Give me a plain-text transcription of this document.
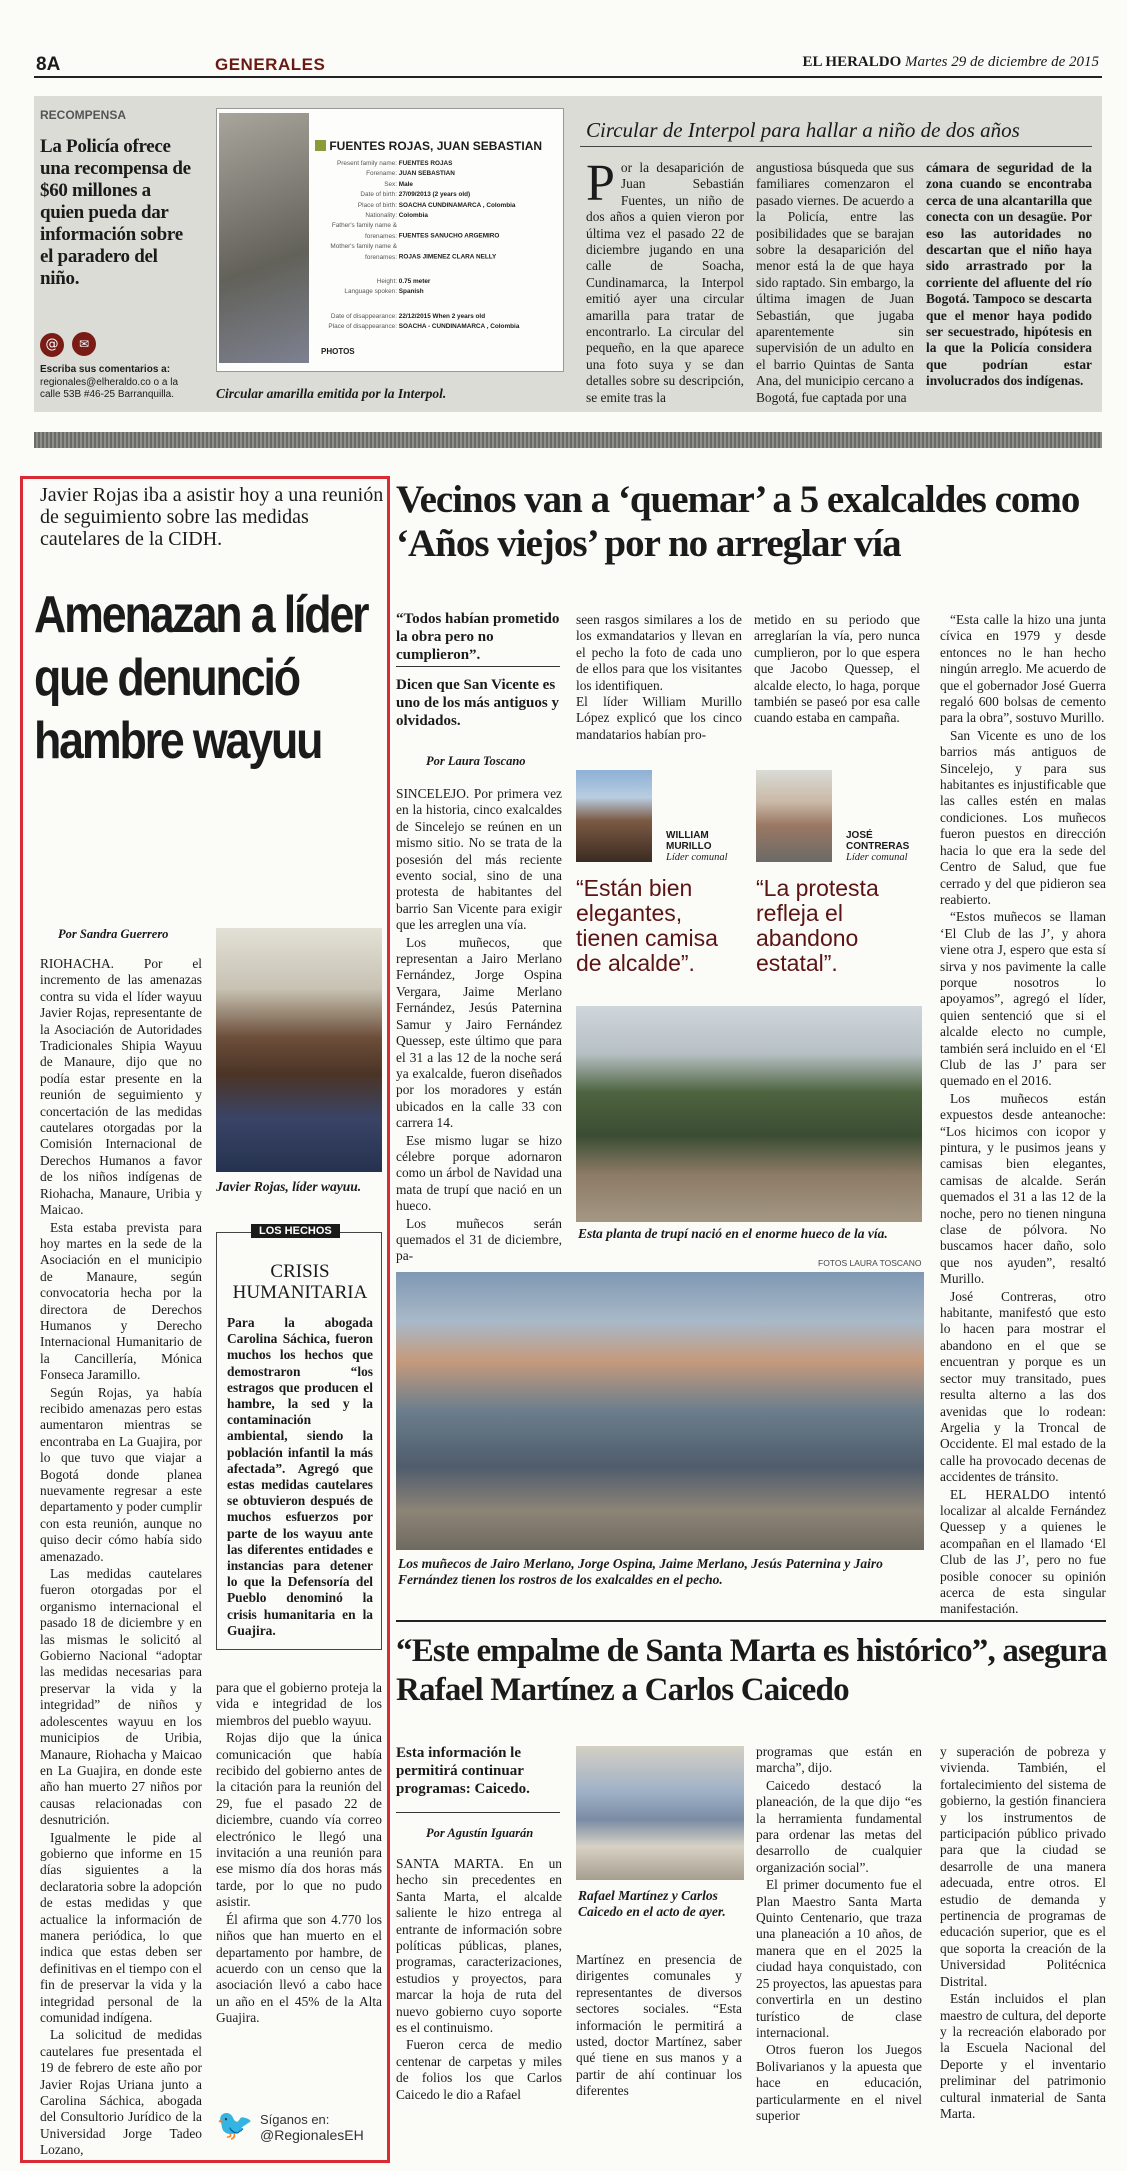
8A	GENERALES	EL HERALDO Martes 29 de diciembre de 2015
RECOMPENSA
La Policía ofrece una recompensa de $60 millones a quien pueda dar información sobre el paradero del niño.
@ ✉
Escriba sus comentarios a: regionales@elheraldo.co o a la calle 53B #46-25 Barranquilla.
FUENTES ROJAS, JUAN SEBASTIAN
Present family name: FUENTES ROJAS
Forename: JUAN SEBASTIAN
Sex: Male
Date of birth: 27/09/2013 (2 years old)
Place of birth: SOACHA CUNDINAMARCA , Colombia
Nationality: Colombia
Father's family name & forenames: FUENTES SANUCHO ARGEMIRO
Mother's family name & forenames: ROJAS JIMENEZ CLARA NELLY
Height: 0.75 meter
Language spoken: Spanish
Date of disappearance: 22/12/2015 When 2 years old
Place of disappearance: SOACHA - CUNDINAMARCA , Colombia
PHOTOS
Circular amarilla emitida por la Interpol.
Circular de Interpol para hallar a niño de dos años
Por la desaparición de Juan Sebastián Fuentes, un niño de dos años a quien vieron por última vez el pasado 22 de diciembre jugando en una calle de Soacha, Cundinamarca, la Interpol emitió ayer una circular amarilla para tratar de encontrarlo. La circular del pequeño, en la que aparece una foto suya y se dan detalles sobre su descripción, se emite tras la
angustiosa búsqueda que sus familiares comenzaron el pasado viernes. De acuerdo a la Policía, entre las posibilidades que se barajan sobre la desaparición del menor está la de que haya sido raptado. Sin embargo, la última imagen de Juan Sebastián, que jugaba aparentemente sin supervisión de un adulto en el barrio Quintas de Santa Ana, del municipio cercano a Bogotá, fue captada por una
cámara de seguridad de la zona cuando se encontraba cerca de una alcantarilla que conecta con un desagüe. Por eso las autoridades no descartan que el niño haya sido arrastrado por la corriente del afluente del río Bogotá. Tampoco se descarta que el menor haya podido ser secuestrado, hipótesis en la que la Policía considera que podrían estar involucrados dos indígenas.
Javier Rojas iba a asistir hoy a una reunión de seguimiento sobre las medidas cautelares de la CIDH.
Amenazan a líder que denunció hambre wayuu
Por Sandra Guerrero
Javier Rojas, líder wayuu.

RIOHACHA. Por el incremento de las amenazas contra su vida el líder wayuu Javier Rojas, representante de la Asociación de Autoridades Tradicionales Shipia Wayuu de Manaure, dijo que no podía estar presente en la reunión de seguimiento y concertación de las medidas cautelares otorgadas por la Comisión Internacional de Derechos Humanos a favor de los niños indígenas de Riohacha, Manaure, Uribia y Maicao.

Esta estaba prevista para hoy martes en la sede de la Asociación en el municipio de Manaure, según convocatoria hecha por la directora de Derechos Humanos y Derecho Internacional Humanitario de la Cancillería, Mónica Fonseca Jaramillo.

Según Rojas, ya había recibido amenazas pero estas aumentaron mientras se encontraba en La Guajira, por lo que tuvo que viajar a Bogotá donde planea nuevamente regresar a este departamento y poder cumplir con esta reunión, aunque no quiso decir cómo había sido amenazado.

Las medidas cautelares fueron otorgadas por el organismo internacional el pasado 18 de diciembre y en las mismas le solicitó al Gobierno Nacional “adoptar las medidas necesarias para preservar la vida y la integridad” de niños y adolescentes wayuu en los municipios de Uribia, Manaure, Riohacha y Maicao en La Guajira, en donde este año han muerto 27 niños por causas relacionadas con desnutrición.

Igualmente le pide al gobierno que informe en 15 días siguientes a la declaratoria sobre la adopción de estas medidas y que actualice la información de manera periódica, lo que indica que estas deben ser definitivas en el tiempo con el fin de preservar la vida y la integridad personal de la comunidad indígena.

La solicitud de medidas cautelares fue presentada el 19 de febrero de este año por Javier Rojas Uriana junto a Carolina Sáchica, abogada del Consultorio Jurídico de la Universidad Jorge Tadeo Lozano,

LOS HECHOS
CRISIS HUMANITARIA
Para la abogada Carolina Sáchica, fueron muchos los hechos que demostraron “los estragos que producen el hambre, la sed y la contaminación ambiental, siendo la población infantil la más afectada”. Agregó que estas medidas cautelares se obtuvieron después de muchos esfuerzos por parte de los wayuu ante las diferentes entidades e instancias para detener lo que la Defensoría del Pueblo denominó la crisis humanitaria en la Guajira.

para que el gobierno proteja la vida e integridad de los miembros del pueblo wayuu.

Rojas dijo que la única comunicación que había recibido del gobierno antes de la citación para la reunión del 29, fue el pasado 22 de diciembre, cuando vía correo electrónico le llegó una invitación a una reunión para ese mismo día dos horas más tarde, por lo que no pudo asistir.

Él afirma que son 4.770 los niños que han muerto en el departamento por hambre, de acuerdo con un censo que la asociación llevó a cabo hace un año en el 45% de la Alta Guajira.

🐦 Síganos en:
@RegionalesEH
Vecinos van a ‘quemar’ a 5 exalcaldes como ‘Años viejos’ por no arreglar vía
“Todos habían prometido la obra pero no cumplieron”.
Dicen que San Vicente es uno de los más antiguos y olvidados.
Por Laura Toscano

SINCELEJO. Por primera vez en la historia, cinco exalcaldes de Sincelejo se reúnen en un mismo sitio. No se trata de la posesión del más reciente evento social, sino de una protesta de habitantes del barrio San Vicente para exigir que les arreglen una vía.

Los muñecos, que representan a Jairo Merlano Fernández, Jorge Ospina Vergara, Jaime Merlano Fernández, Jesús Paternina Samur y Jairo Fernández Quessep, este último que para el 31 a las 12 de la noche será ya exalcalde, fueron diseñados por los moradores y están ubicados en la calle 33 con carrera 14.

Ese mismo lugar se hizo célebre porque adornaron como un árbol de Navidad una mata de trupí que nació en un hueco.

Los muñecos serán quemados el 31 de diciembre, pa-

seen rasgos similares a los de los exmandatarios y llevan en el pecho la foto de cada uno de ellos para que los visitantes los identifiquen.
El líder William Murillo López explicó que los cinco mandatarios habían pro-
metido en su periodo que arreglarían la vía, pero nunca cumplieron, por lo que espera que Jacobo Quessep, el alcalde electo, lo haga, porque también se paseó por esa calle cuando estaba en campaña.
WILLIAM MURILLO
Líder comunal
“Están bien elegantes, tienen camisa de alcalde”.
JOSÉ CONTRERAS
Líder comunal
“La protesta refleja el abandono estatal”.
Esta planta de trupí nació en el enorme hueco de la vía.
FOTOS LAURA TOSCANO
Los muñecos de Jairo Merlano, Jorge Ospina, Jaime Merlano, Jesús Paternina y Jairo Fernández tienen los rostros de los exalcaldes en el pecho.

“Esta calle la hizo una junta cívica en 1979 y desde entonces no le han hecho ningún arreglo. Me acuerdo de que el gobernador José Guerra regaló 600 bolsas de cemento para la obra”, sostuvo Murillo.

San Vicente es uno de los barrios más antiguos de Sincelejo, y para sus habitantes es injustificable que las calles estén en malas condiciones. Los muñecos fueron puestos en dirección hacia lo que era la sede del Centro de Salud, que fue cerrado y del que pidieron sea reabierto.

“Estos muñecos se llaman ‘El Club de las J’, y ahora viene otra J, espero que esta sí sirva y nos pavimente la calle porque nosotros lo apoyamos”, agregó el líder, quien sentenció que si el alcalde electo no cumple, también será incluido en el ‘El Club de las J’ para ser quemado en el 2016.

Los muñecos están expuestos desde anteanoche: “Los hicimos con icopor y pintura, y le pusimos jeans y camisas bien elegantes, camisas de alcalde. Serán quemados el 31 a las 12 de la noche, pero no tienen ninguna clase de pólvora. No buscamos hacer daño, solo que nos ayuden”, resaltó Murillo.

José Contreras, otro habitante, manifestó que esto lo hacen para mostrar el abandono en el que se encuentran y porque es un sector muy transitado, pues resulta alterno a las dos avenidas que lo rodean: Argelia y la Troncal de Occidente. El mal estado de la calle ha provocado decenas de accidentes de tránsito.

EL HERALDO intentó localizar al alcalde Fernández Quessep y a quienes le acompañan en el llamado ‘El Club de las J’, pero no fue posible conocer su opinión acerca de esta singular manifestación.

“Este empalme de Santa Marta es histórico”, asegura Rafael Martínez a Carlos Caicedo
Esta información le permitirá continuar programas: Caicedo.
Por Agustín Iguarán

SANTA MARTA. En un hecho sin precedentes en Santa Marta, el alcalde saliente le hizo entrega al entrante de información sobre políticas públicas, planes, programas, caracterizaciones, estudios y proyectos, para marcar la hoja de ruta del nuevo gobierno cuyo soporte es el continuismo.

Fueron cerca de medio centenar de carpetas y miles de folios los que Carlos Caicedo le dio a Rafael

Rafael Martínez y Carlos Caicedo en el acto de ayer.
Martínez en presencia de dirigentes comunales y representantes de diversos sectores sociales. “Esta información le permitirá a usted, doctor Martínez, saber qué tiene en sus manos y a partir de ahí continuar los diferentes

programas que están en marcha”, dijo.

Caicedo destacó la planeación, de la que dijo “es la herramienta fundamental para ordenar las metas del desarrollo de cualquier organización social”.

El primer documento fue el Plan Maestro Santa Marta Quinto Centenario, que traza una planeación a 10 años, de manera que en el 2025 la ciudad haya conquistado, con 25 proyectos, las apuestas para convertirla en un destino turístico de clase internacional.

Otros fueron los Juegos Bolivarianos y la apuesta que hace en educación, particularmente en el nivel superior

y superación de pobreza y vivienda. También, el fortalecimiento del sistema de gobierno, la gestión financiera y los instrumentos de participación público privado para que la ciudad se desarrolle de una manera adecuada, entre otros. El estudio de demanda y pertinencia de programas de educación superior, que es el que soporta la creación de la Universidad Politécnica Distrital.

Están incluidos el plan maestro de cultura, del deporte y la recreación elaborado por la Escuela Nacional del Deporte y el inventario preliminar del patrimonio cultural inmaterial de Santa Marta.
